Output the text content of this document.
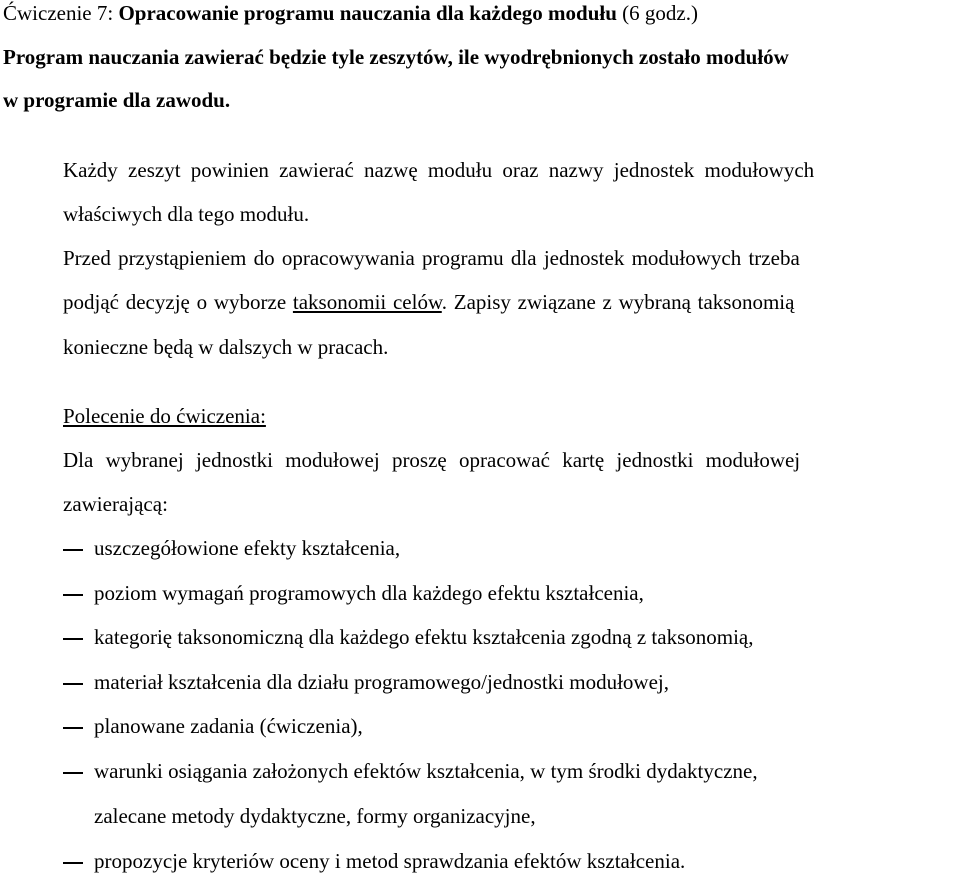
Ćwiczenie 7: Opracowanie programu nauczania dla każdego modułu (6 godz.)
Program nauczania zawierać będzie tyle zeszytów, ile wyodrębnionych zostało modułów
w programie dla zawodu.
Każdy zeszyt powinien zawierać nazwę modułu oraz nazwy jednostek modułowych
właściwych dla tego modułu.
Przed przystąpieniem do opracowywania programu dla jednostek modułowych trzeba
podjąć decyzję o wyborze taksonomii celów. Zapisy związane z wybraną taksonomią
konieczne będą w dalszych w pracach.
Polecenie do ćwiczenia:
Dla wybranej jednostki modułowej proszę opracować kartę jednostki modułowej
zawierającą:
uszczegółowione efekty kształcenia,
poziom wymagań programowych dla każdego efektu kształcenia,
kategorię taksonomiczną dla każdego efektu kształcenia zgodną z taksonomią,
materiał kształcenia dla działu programowego/jednostki modułowej,
planowane zadania (ćwiczenia),
warunki osiągania założonych efektów kształcenia, w tym środki dydaktyczne,
zalecane metody dydaktyczne, formy organizacyjne,
propozycje kryteriów oceny i metod sprawdzania efektów kształcenia.
